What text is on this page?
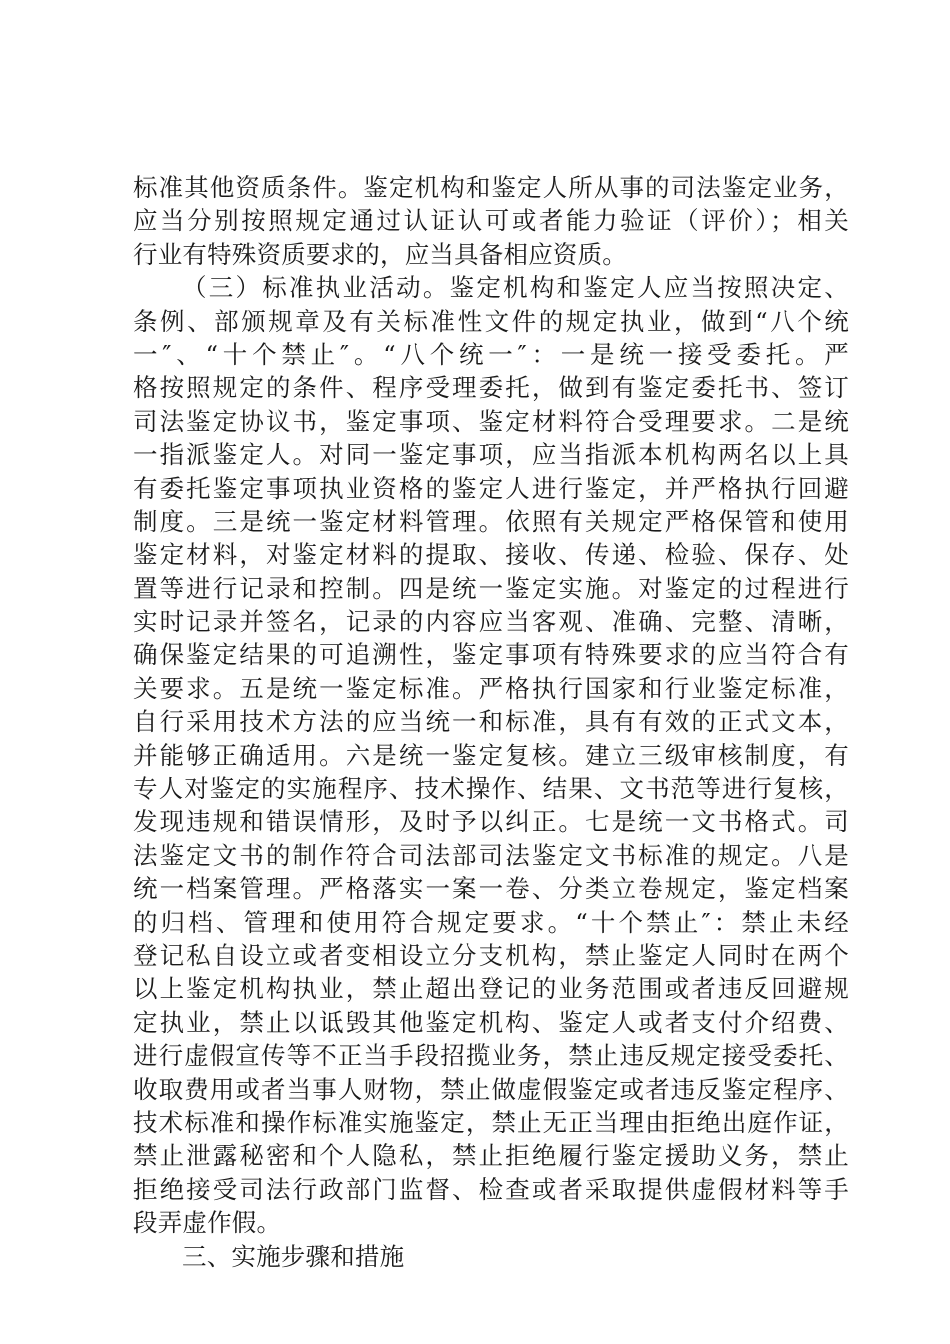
标准其他资质条件。鉴定机构和鉴定人所从事的司法鉴定业务，
应当分别按照规定通过认证认可或者能力验证（评价）；相关
行业有特殊资质要求的，应当具备相应资质。
（三）标准执业活动。鉴定机构和鉴定人应当按照决定、
条例、部颁规章及有关标准性文件的规定执业，做到“八个统
一″、“十个禁止″。“八个统一″：一是统一接受委托。严
格按照规定的条件、程序受理委托，做到有鉴定委托书、签订
司法鉴定协议书，鉴定事项、鉴定材料符合受理要求。二是统
一指派鉴定人。对同一鉴定事项，应当指派本机构两名以上具
有委托鉴定事项执业资格的鉴定人进行鉴定，并严格执行回避
制度。三是统一鉴定材料管理。依照有关规定严格保管和使用
鉴定材料，对鉴定材料的提取、接收、传递、检验、保存、处
置等进行记录和控制。四是统一鉴定实施。对鉴定的过程进行
实时记录并签名，记录的内容应当客观、准确、完整、清晰，
确保鉴定结果的可追溯性，鉴定事项有特殊要求的应当符合有
关要求。五是统一鉴定标准。严格执行国家和行业鉴定标准，
自行采用技术方法的应当统一和标准，具有有效的正式文本，
并能够正确适用。六是统一鉴定复核。建立三级审核制度，有
专人对鉴定的实施程序、技术操作、结果、文书范等进行复核，
发现违规和错误情形，及时予以纠正。七是统一文书格式。司
法鉴定文书的制作符合司法部司法鉴定文书标准的规定。八是
统一档案管理。严格落实一案一卷、分类立卷规定，鉴定档案
的归档、管理和使用符合规定要求。“十个禁止″：禁止未经
登记私自设立或者变相设立分支机构，禁止鉴定人同时在两个
以上鉴定机构执业，禁止超出登记的业务范围或者违反回避规
定执业，禁止以诋毁其他鉴定机构、鉴定人或者支付介绍费、
进行虚假宣传等不正当手段招揽业务，禁止违反规定接受委托、
收取费用或者当事人财物，禁止做虚假鉴定或者违反鉴定程序、
技术标准和操作标准实施鉴定，禁止无正当理由拒绝出庭作证，
禁止泄露秘密和个人隐私，禁止拒绝履行鉴定援助义务，禁止
拒绝接受司法行政部门监督、检查或者采取提供虚假材料等手
段弄虚作假。
三、实施步骤和措施
